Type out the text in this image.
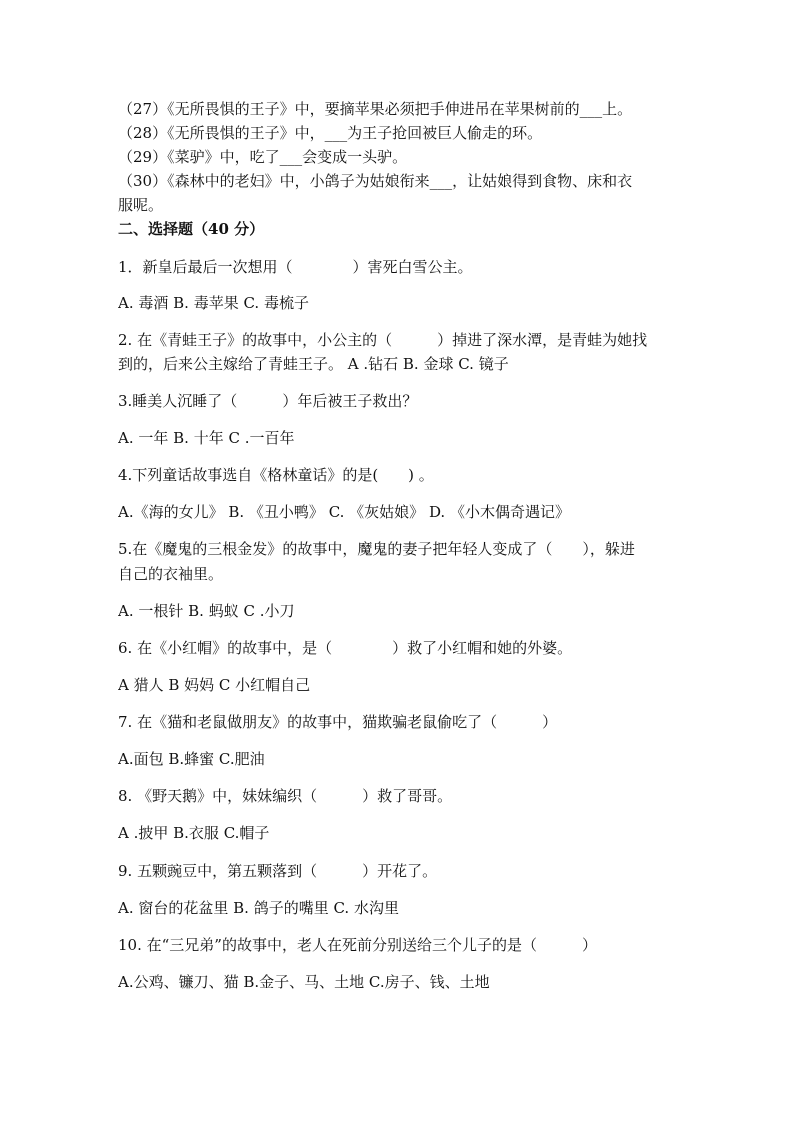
（27）《无所畏惧的王子》中，要摘苹果必须把手伸进吊在苹果树前的___上。
（28）《无所畏惧的王子》中，___为王子抢回被巨人偷走的环。
（29）《菜驴》中，吃了___会变成一头驴。
（30）《森林中的老妇》中，小鸽子为姑娘衔来___，让姑娘得到食物、床和衣
服呢。
二、选择题（40 分）
1．新皇后最后一次想用（　　　　）害死白雪公主。
A. 毒酒 B. 毒苹果 C. 毒梳子
2. 在《青蛙王子》的故事中，小公主的（　　　）掉进了深水潭，是青蛙为她找
到的，后来公主嫁给了青蛙王子。 A .钻石 B. 金球 C. 镜子
3.睡美人沉睡了（　　　）年后被王子救出？
A. 一年 B. 十年 C .一百年
4.下列童话故事选自《格林童话》的是(　　) 。
A.《海的女儿》 B. 《丑小鸭》 C. 《灰姑娘》 D. 《小木偶奇遇记》
5.在《魔鬼的三根金发》的故事中，魔鬼的妻子把年轻人变成了（　　），躲进
自己的衣袖里。
A. 一根针 B. 蚂蚁 C .小刀
6. 在《小红帽》的故事中，是（　　　　）救了小红帽和她的外婆。
A 猎人 B 妈妈 C 小红帽自己
7. 在《猫和老鼠做朋友》的故事中，猫欺骗老鼠偷吃了（　　　）
A.面包 B.蜂蜜 C.肥油
8. 《野天鹅》中，妹妹编织（　　　）救了哥哥。
A .披甲 B.衣服 C.帽子
9. 五颗豌豆中，第五颗落到（　　　）开花了。
A. 窗台的花盆里 B. 鸽子的嘴里 C. 水沟里
10. 在“三兄弟”的故事中，老人在死前分别送给三个儿子的是（　　　）
A.公鸡、镰刀、猫 B.金子、马、土地 C.房子、钱、土地
